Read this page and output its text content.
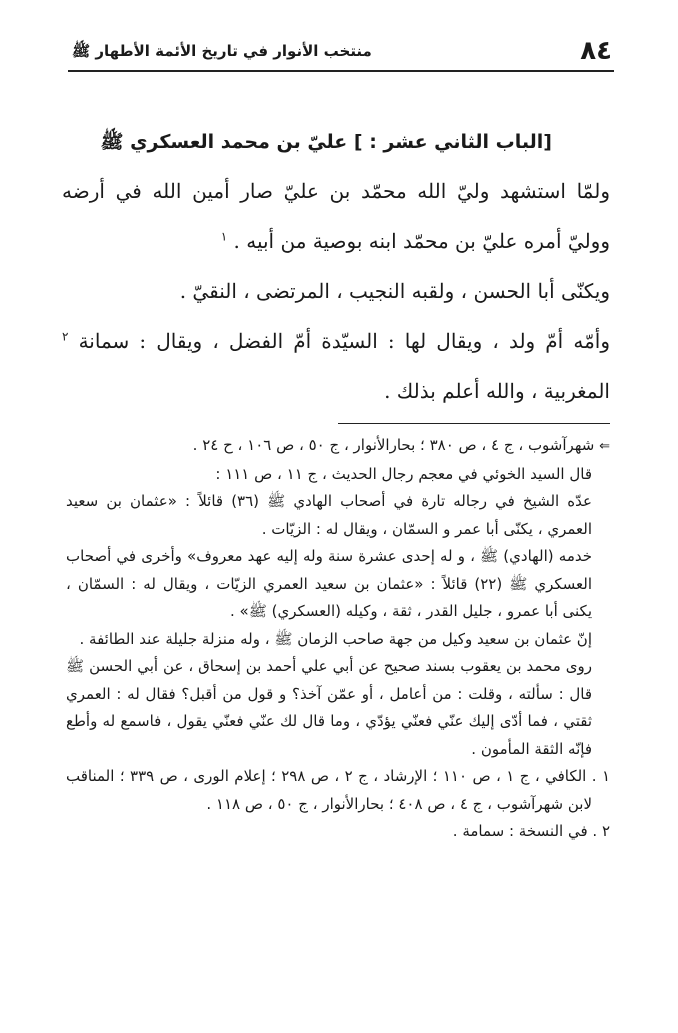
٨٤
منتخب الأنوار في تاريخ الأئمة الأطهار ﷺ
[الباب الثاني عشر : ] عليّ بن محمد العسكري ﷺ

ولمّا استشهد وليّ الله محمّد بن عليّ صار أمين الله في أرضه ووليّ أمره عليّ بن محمّد ابنه بوصية من أبيه . $^١$

ويكنّى أبا الحسن ، ولقبه النجيب ، المرتضى ، النقيّ .

وأمّه أمّ ولد ، ويقال لها : السيّدة أمّ الفضل ، ويقال : سمانة $^٢$ المغربية ، والله أعلم بذلك .

⇐ شهرآشوب ، ج ٤ ، ص ٣٨٠ ؛ بحارالأنوار ، ج ٥٠ ، ص ١٠٦ ، ح ٢٤ .

قال السيد الخوئي في معجم رجال الحديث ، ج ١١ ، ص ١١١ :

عدّه الشيخ في رجاله تارة في أصحاب الهادي ﷺ (٣٦) قائلاً : «عثمان بن سعيد العمري ، يكنّى أبا عمر و السمّان ، ويقال له : الزيّات .

خدمه (الهادي) ﷺ ، و له إحدى عشرة سنة وله إليه عهد معروف» وأخرى في أصحاب العسكري ﷺ (٢٢) قائلاً : «عثمان بن سعيد العمري الزيّات ، ويقال له : السمّان ، يكنى أبا عمرو ، جليل القدر ، ثقة ، وكيله (العسكري) ﷺ» .

إنّ عثمان بن سعيد وكيل من جهة صاحب الزمان ﷺ ، وله منزلة جليلة عند الطائفة .

روى محمد بن يعقوب بسند صحيح عن أبي علي أحمد بن إسحاق ، عن أبي الحسن ﷺ قال : سألته ، وقلت : من أعامل ، أو عمّن آخذ؟ و قول من أقبل؟ فقال له : العمري ثقتي ، فما أدّى إليك عنّي فعنّي يؤدّي ، وما قال لك عنّي فعنّي يقول ، فاسمع له وأطع فإنّه الثقة المأمون .

١ . الكافي ، ج ١ ، ص ١١٠ ؛ الإرشاد ، ج ٢ ، ص ٢٩٨ ؛ إعلام الورى ، ص ٣٣٩ ؛ المناقب لابن شهرآشوب ، ج ٤ ، ص ٤٠٨ ؛ بحارالأنوار ، ج ٥٠ ، ص ١١٨ .

٢ . في النسخة : سمامة .
